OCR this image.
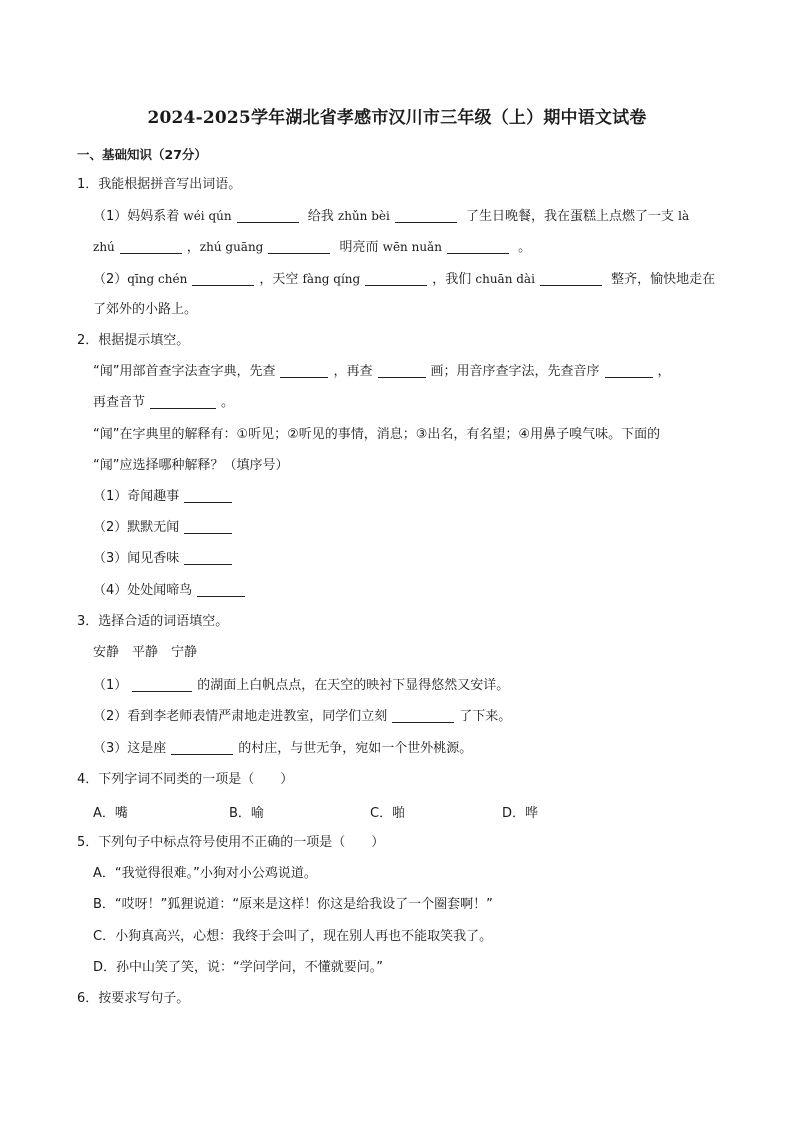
2024-2025学年湖北省孝感市汉川市三年级（上）期中语文试卷
一、基础知识（27分）
1．我能根据拼音写出词语。
（1）妈妈系着 wéi qún	给我 zhǔn bèi	了生日晚餐，我在蛋糕上点燃了一支 là
zhú	，zhú guāng	明亮而 wēn nuǎn	。
（2）qīng chén	，天空 fàng qíng	，我们 chuān dài	整齐，愉快地走在
了郊外的小路上。
2．根据提示填空。
“闻”用部首查字法查字典，先查	，再查	画；用音序查字法，先查音序	，
再查音节	。
“闻”在字典里的解释有：①听见；②听见的事情，消息；③出名，有名望；④用鼻子嗅气味。下面的
“闻”应选择哪种解释？（填序号）
（1）奇闻趣事
（2）默默无闻
（3）闻见香味
（4）处处闻啼鸟
3．选择合适的词语填空。
安静　平静　宁静
（1）	的湖面上白帆点点，在天空的映衬下显得悠然又安详。
（2）看到李老师表情严肃地走进教室，同学们立刻	了下来。
（3）这是座	的村庄，与世无争，宛如一个世外桃源。
4．下列字词不同类的一项是（　　）
A．嘴	B．喻	C．啪	D．哗
5．下列句子中标点符号使用不正确的一项是（　　）
A．“我觉得很难。”小狗对小公鸡说道。
B．“哎呀！”狐狸说道：“原来是这样！你这是给我设了一个圈套啊！”
C．小狗真高兴，心想：我终于会叫了，现在别人再也不能取笑我了。
D．孙中山笑了笑，说：“学问学问，不懂就要问。”
6．按要求写句子。
